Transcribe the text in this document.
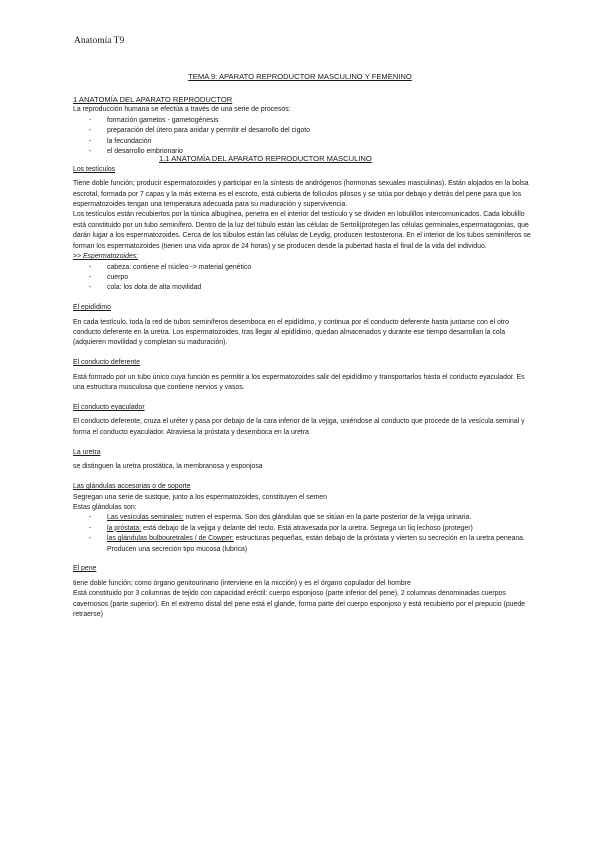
Anatomía T9
TEMA 9: APARATO REPRODUCTOR MASCULINO Y FEMENINO

1 ANATOMÍA DEL APARATO REPRODUCTOR

La reproducción humana se efectúa a través de una serie de procesos:

- formación gametos - gametogénesis
- preparación del útero para anidar y permitir el desarrollo del cigoto
- la fecundación
- el desarrollo embrionario

1.1 ANATOMÍA DEL APARATO REPRODUCTOR MASCULINO

Los testículos

Tiene doble función; producir espermatozoides y participar en la síntesis de andrógenos (hormonas sexuales masculinas). Están alojados en la bolsa escrotal, formada por 7 capas y la más externa es el escroto, está cubierta de folículos pilosos y se sitúa por debajo y detrás del pene para que los espermatozoides tengan una temperatura adecuada para su maduración y supervivencia.

Los testículos están recubiertos por la túnica albugínea, penetra en el interior del testículo y se dividen en lobulillos intercomunicados. Cada lobulillo está constituido por un tubo seminífero. Dentro de la luz del túbulo están las células de Sertoli(protegen las células germinales,espermatogonias, que darán lugar a los espermatozoides. Cerca de los túbulos están las células de Leydig, producen testosterona. En el interior de los tubos seminíferos se forman los espermatozoides (tienen una vida aprox de 24 horas) y se producen desde la pubertad hasta el final de la vida del individuo.

>> Espermatozoides:

- cabeza: contiene el núcleo -> material genético
- cuerpo
- cola: los dota de alta movilidad

El epidídimo

En cada testículo, toda la red de tubos seminíferos desemboca en el epidídimo, y continua por el conducto deferente hasta juntarse con el otro conducto deferente en la uretra. Los espermatozoides, tras llegar al epidídimo, quedan almacenados y durante ese tiempo desarrollan la cola (adquieren movilidad y completan su maduración).

El conducto deferente

Está formado por un tubo único cuya función es permitir a los espermatozoides salir del epidídimo y transportarlos hasta el conducto eyaculador. Es una estructura musculosa que contiene nervios y vasos.

El conducto eyaculador

El conducto deferente, cruza el uréter y pasa por debajo de la cara inferior de la vejiga, uniéndose al conducto que procede de la vesícula seminal y forma el conducto eyaculador. Atraviesa la próstata y desemboca en la uretra

La uretra

se distinguen la uretra prostática, la membranosa y esponjosa

Las glándulas accesorias o de soporte

Segregan una serie de sustque, junto a los espermatozoides, constituyen el semen

Estas glándulas son:

- Las vesículas seminales: nutren el esperma. Son dos glándulas que se sitúan en la parte posterior de la vejiga urinaria.
- la próstata: está debajo de la vejiga y delante del recto. Está atravesada por la uretra. Segrega un líq lechoso (proteger)
- las glándulas bulbouretrales / de Cowper: estructuras pequeñas, están debajo de la próstata y vierten su secreción en la uretra peneana. Producen una secreción tipo mucosa (lubrica)

El pene

tiene doble función; como órgano genitourinario (interviene en la micción) y es el órgano copulador del hombre

Está constituido por 3 columnas de tejido con capacidad eréctil: cuerpo esponjoso (parte inferior del pene), 2 columnas denominadas cuerpos cavernosos (parte superior). En el extremo distal del pene está el glande, forma parte del cuerpo esponjoso y está recubierto por el prepucio (puede retraerse)
